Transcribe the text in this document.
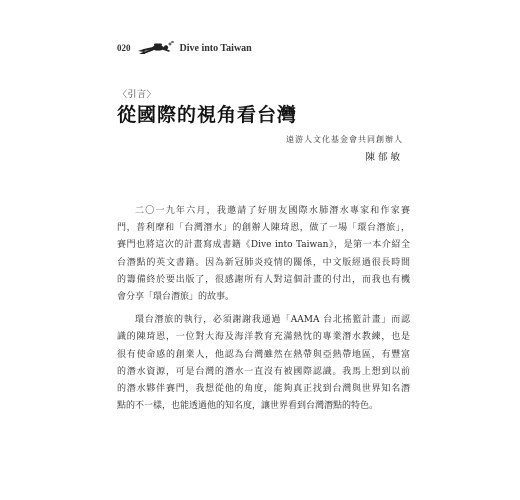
020	Dive into Taiwan
〈引言〉
從國際的視角看台灣
遠游人文化基金會共同創辦人
陳郁敏
二〇一九年六月，我邀請了好朋友國際水肺潛水專家和作家賽
門，普利摩和「台灣潛水」的創辦人陳琦恩，做了一場「環台潛旅」，
賽門也將這次的計畫寫成書籍《Dive into Taiwan》，是第一本介紹全
台潛點的英文書籍。因為新冠肺炎疫情的關係，中文版經過很長時間
的籌備終於要出版了，很感謝所有人對這個計畫的付出，而我也有機
會分享「環台潛旅」的故事。
環台潛旅的執行，必須謝謝我通過「AAMA 台北搖籃計畫」而認
識的陳琦恩，一位對大海及海洋教育充滿熱忱的專業潛水教練，也是
很有使命感的創業人，他認為台灣雖然在熱帶與亞熱帶地區，有豐富
的潛水資源，可是台灣的潛水一直沒有被國際認識。我馬上想到以前
的潛水夥伴賽門，我想從他的角度，能夠真正找到台灣與世界知名潛
點的不一樣，也能透過他的知名度，讓世界看到台灣潛點的特色。
